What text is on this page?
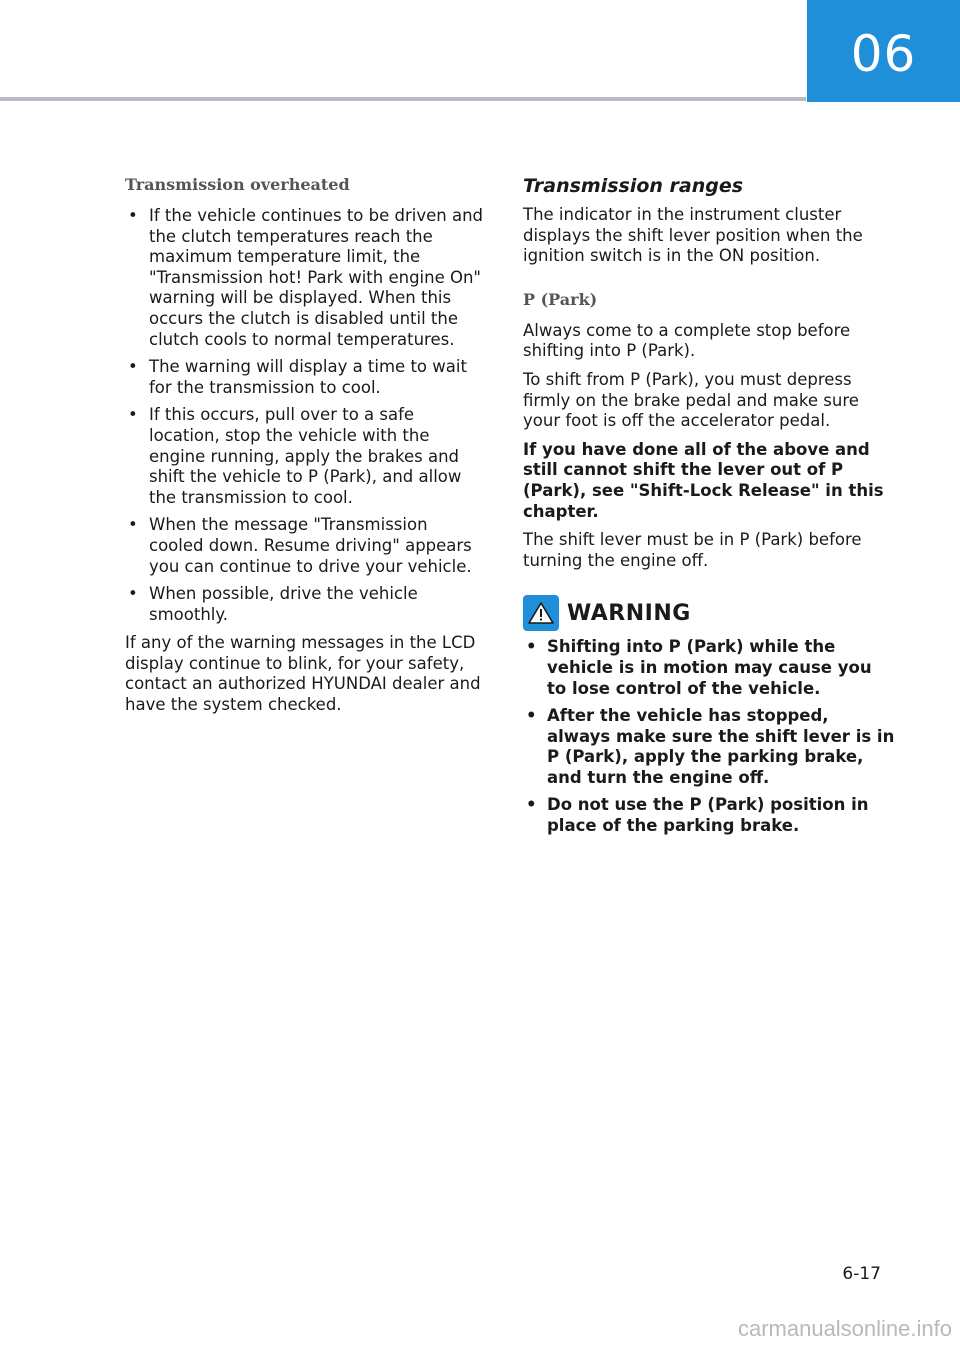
06
Transmission overheated
• If the vehicle continues to be driven and the clutch temperatures reach the maximum temperature limit, the "Transmission hot! Park with engine On" warning will be displayed. When this occurs the clutch is disabled until the clutch cools to normal temperatures.
• The warning will display a time to wait for the transmission to cool.
• If this occurs, pull over to a safe location, stop the vehicle with the engine running, apply the brakes and shift the vehicle to P (Park), and allow the transmission to cool.
• When the message "Transmission cooled down. Resume driving" appears you can continue to drive your vehicle.
• When possible, drive the vehicle smoothly.

If any of the warning messages in the LCD display continue to blink, for your safety, contact an authorized HYUNDAI dealer and have the system checked.

Transmission ranges

The indicator in the instrument cluster displays the shift lever position when the ignition switch is in the ON position.

P (Park)

Always come to a complete stop before shifting into P (Park).

To shift from P (Park), you must depress firmly on the brake pedal and make sure your foot is off the accelerator pedal.

If you have done all of the above and still cannot shift the lever out of P (Park), see "Shift-Lock Release" in this chapter.

The shift lever must be in P (Park) before turning the engine off.

WARNING
• Shifting into P (Park) while the vehicle is in motion may cause you to lose control of the vehicle.
• After the vehicle has stopped, always make sure the shift lever is in P (Park), apply the parking brake, and turn the engine off.
• Do not use the P (Park) position in place of the parking brake.
6-17
carmanualsonline.info
